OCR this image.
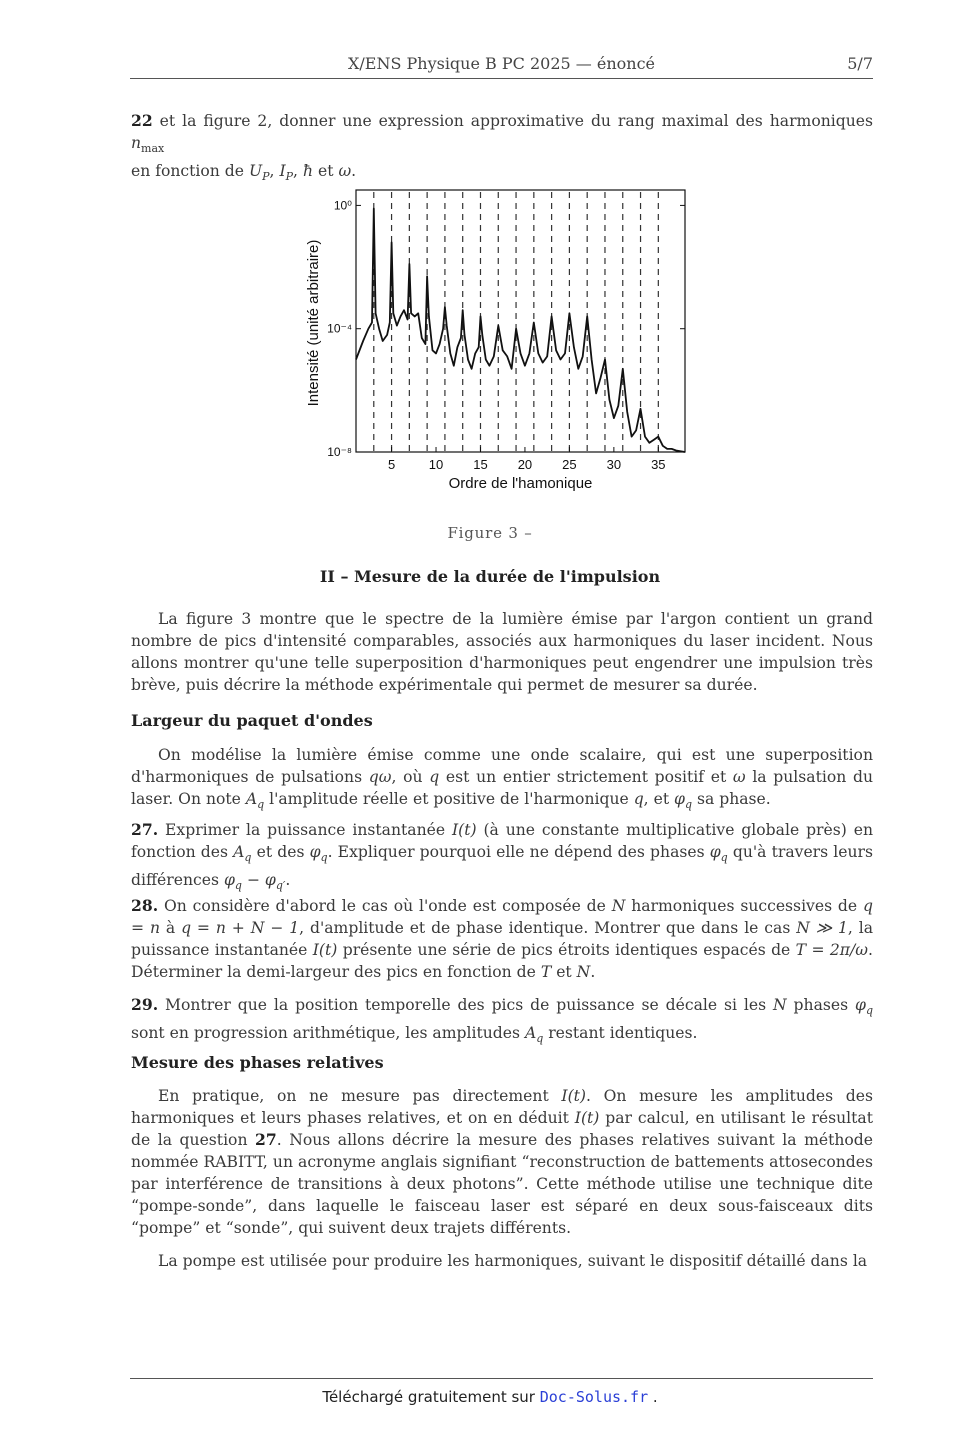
X/ENS Physique B PC 2025 — énoncé	5/7
22 et la figure 2, donner une expression approximative du rang maximal des harmoniques $n_{max}$
en fonction de $U_P$, $I_P$, ħ et ω.
5	10 15 20 25 30 35
10⁰
10⁻⁴
10⁻⁸
Ordre de l'hamonique
Intensité (unité arbitraire)
Figure 3 –
II – Mesure de la durée de l'impulsion
La figure 3 montre que le spectre de la lumière émise par l'argon contient un grand nombre de pics d'intensité comparables, associés aux harmoniques du laser incident. Nous allons montrer qu'une telle superposition d'harmoniques peut engendrer une impulsion très brève, puis décrire la méthode expérimentale qui permet de mesurer sa durée.
Largeur du paquet d'ondes
On modélise la lumière émise comme une onde scalaire, qui est une superposition d'harmoniques de pulsations qω, où q est un entier strictement positif et ω la pulsation du laser. On note $A_q$ l'amplitude réelle et positive de l'harmonique q, et $\varphi_q$ sa phase.
27. Exprimer la puissance instantanée I(t) (à une constante multiplicative globale près) en fonction des $A_q$ et des $\varphi_q$. Expliquer pourquoi elle ne dépend des phases $\varphi_q$ qu'à travers leurs différences $\varphi_q - \varphi_{q'}$.
28. On considère d'abord le cas où l'onde est composée de N harmoniques successives de q = n à q = n + N − 1, d'amplitude et de phase identique. Montrer que dans le cas N ≫ 1, la puissance instantanée I(t) présente une série de pics étroits identiques espacés de T = 2π/ω. Déterminer la demi-largeur des pics en fonction de T et N.
29. Montrer que la position temporelle des pics de puissance se décale si les N phases $\varphi_q$ sont en progression arithmétique, les amplitudes $A_q$ restant identiques.
Mesure des phases relatives
En pratique, on ne mesure pas directement I(t). On mesure les amplitudes des harmoniques et leurs phases relatives, et on en déduit I(t) par calcul, en utilisant le résultat de la question 27. Nous allons décrire la mesure des phases relatives suivant la méthode nommée RABITT, un acronyme anglais signifiant “reconstruction de battements attosecondes par interférence de transitions à deux photons”. Cette méthode utilise une technique dite “pompe-sonde”, dans laquelle le faisceau laser est séparé en deux sous-faisceaux dits “pompe” et “sonde”, qui suivent deux trajets différents.
La pompe est utilisée pour produire les harmoniques, suivant le dispositif détaillé dans la
Téléchargé gratuitement sur Doc-Solus.fr .
